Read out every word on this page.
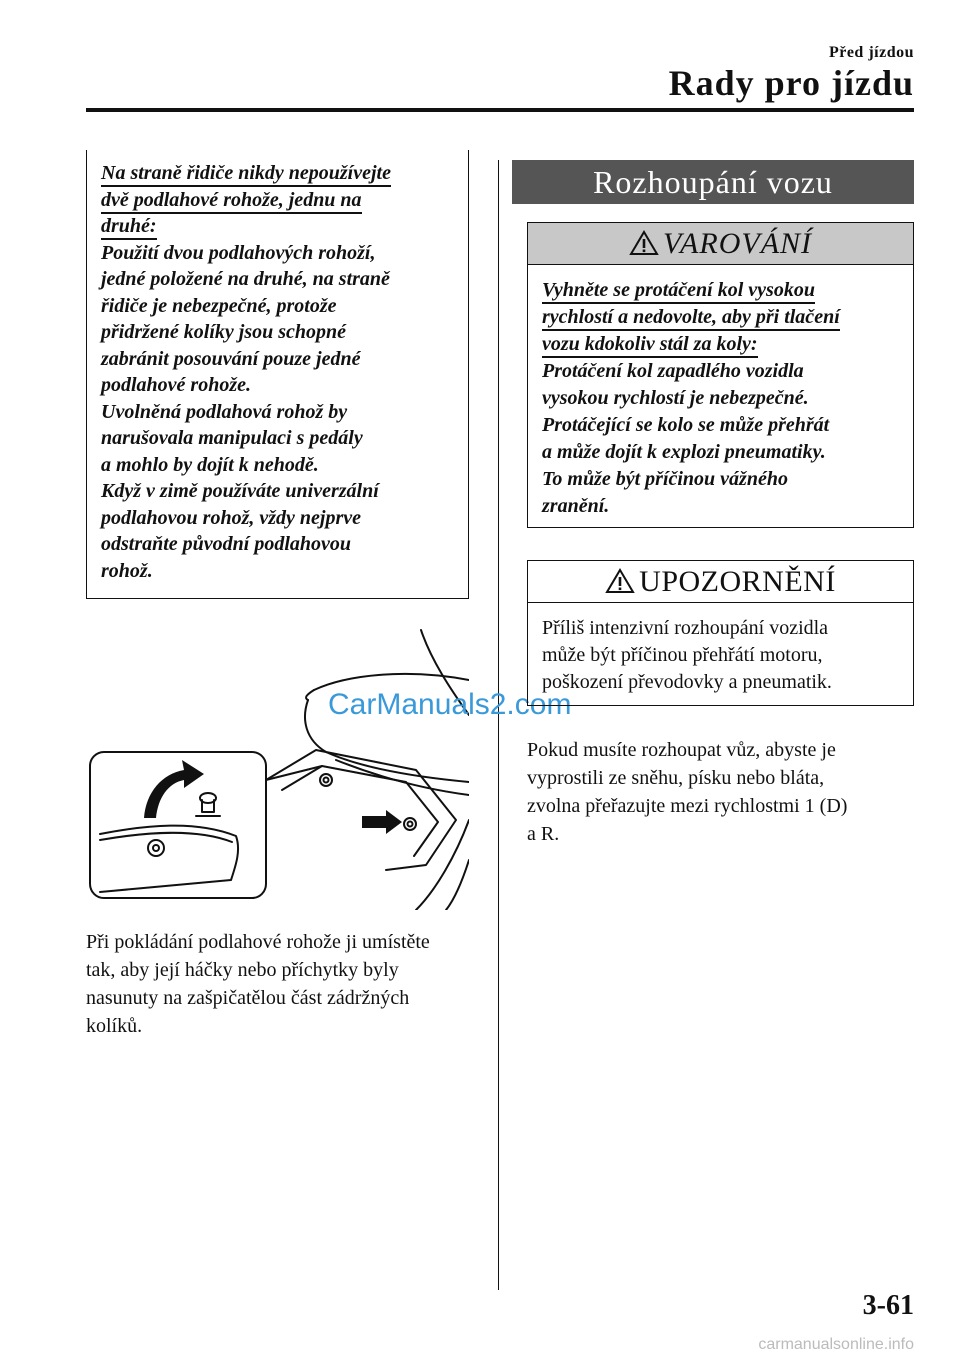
Před jízdou
Rady pro jízdu

Na straně řidiče nikdy nepoužívejte

dvě podlahové rohože, jednu na

druhé:

Použití dvou podlahových rohoží,

jedné položené na druhé, na straně

řidiče je nebezpečné, protože

přidržené kolíky jsou schopné

zabránit posouvání pouze jedné

podlahové rohože.

Uvolněná podlahová rohož by

narušovala manipulaci s pedály

a mohlo by dojít k nehodě.

Když v zimě používáte univerzální

podlahovou rohož, vždy nejprve

odstraňte původní podlahovou

rohož.

CarManuals2.com

Při pokládání podlahové rohože ji umístěte

tak, aby její háčky nebo příchytky byly

nasunuty na zašpičatělou část zádržných

kolíků.

Rozhoupání vozu
VAROVÁNÍ

Vyhněte se protáčení kol vysokou

rychlostí a nedovolte, aby při tlačení

vozu kdokoliv stál za koly:

Protáčení kol zapadlého vozidla

vysokou rychlostí je nebezpečné.

Protáčející se kolo se může přehřát

a může dojít k explozi pneumatiky.

To může být příčinou vážného

zranění.

UPOZORNĚNÍ

Příliš intenzivní rozhoupání vozidla

může být příčinou přehřátí motoru,

poškození převodovky a pneumatik.

Pokud musíte rozhoupat vůz, abyste je

vyprostili ze sněhu, písku nebo bláta,

zvolna přeřazujte mezi rychlostmi 1 (D)

a R.

3-61
carmanualsonline.info
